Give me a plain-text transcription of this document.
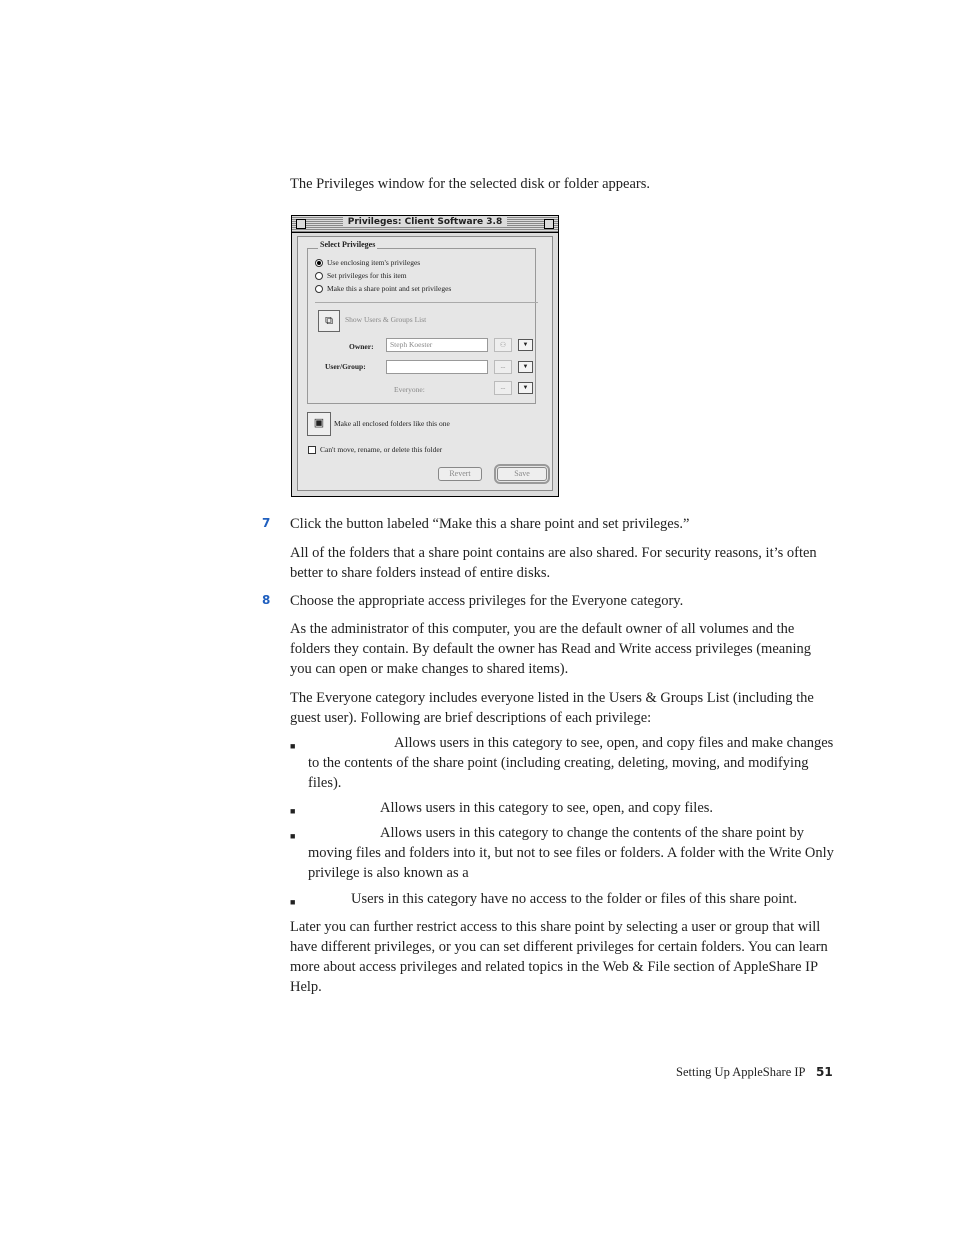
The Privileges window for the selected disk or folder appears.

Privileges: Client Software 3.8
Select Privileges
Use enclosing item's privileges
Set privileges for this item
Make this a share point and set privileges
⧉	Show Users & Groups List
Owner:	Steph Koester	⚇	▼
User/Group:	--	▼
Everyone:	--	▼
▣	Make all enclosed folders like this one
Can't move, rename, or delete this folder
Revert	Save
7 Click the button labeled “Make this a share point and set privileges.”

All of the folders that a share point contains are also shared. For security reasons, it’s often better to share folders instead of entire disks.

8 Choose the appropriate access privileges for the Everyone category.

As the administrator of this computer, you are the default owner of all volumes and the folders they contain. By default the owner has Read and Write access privileges (meaning you can open or make changes to shared items).

The Everyone category includes everyone listed in the Users & Groups List (including the guest user). Following are brief descriptions of each privilege:

■	Allows users in this category to see, open, and copy files and make changes to the contents of the share point (including creating, deleting, moving, and modifying files).

■	Allows users in this category to see, open, and copy files.

■	Allows users in this category to change the contents of the share point by moving files and folders into it, but not to see files or folders. A folder with the Write Only privilege is also known as a

■	Users in this category have no access to the folder or files of this share point.

Later you can further restrict access to this share point by selecting a user or group that will have different privileges, or you can set different privileges for certain folders. You can learn more about access privileges and related topics in the Web & File section of AppleShare IP Help.

Setting Up AppleShare IP 51
